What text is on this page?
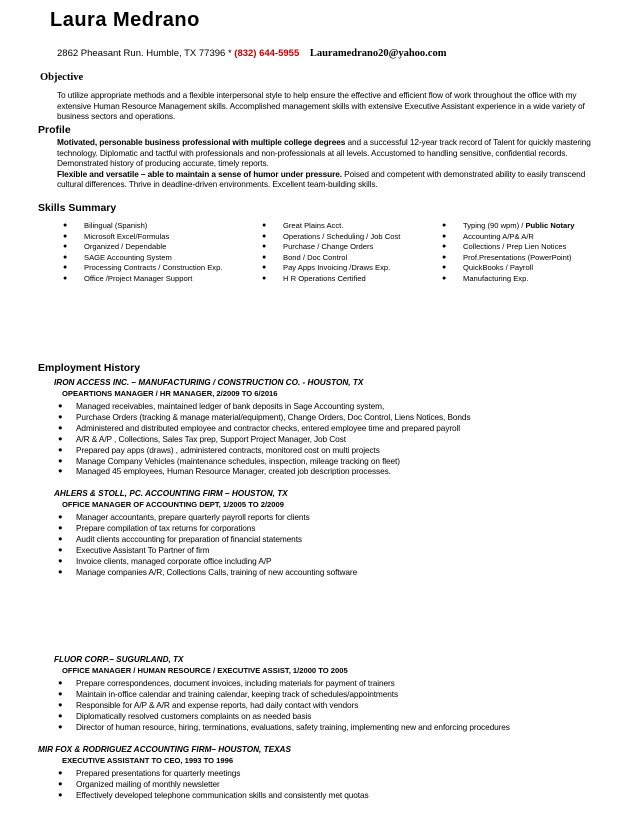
Laura Medrano
2862 Pheasant Run. Humble, TX 77396 * (832) 644-5955 Lauramedrano20@yahoo.com
Objective
To utilize appropriate methods and a flexible interpersonal style to help ensure the effective and efficient flow of work throughout the office with my extensive Human Resource Management skills. Accomplished management skills with extensive Executive Assistant experience in a wide variety of business sectors and operations.
Profile
Motivated, personable business professional with multiple college degrees and a successful 12-year track record of Talent for quickly mastering technology. Diplomatic and tactful with professionals and non-professionals at all levels. Accustomed to handling sensitive, confidential records. Demonstrated history of producing accurate, timely reports.
Flexible and versatile – able to maintain a sense of humor under pressure. Poised and competent with demonstrated ability to easily transcend cultural differences. Thrive in deadline-driven environments. Excellent team-building skills.
Skills Summary
● Bilingual (Spanish)
● Microsoft Excel/Formulas
● Organized / Dependable
● SAGE Accounting System
● Processing Contracts / Construction Exp.
● Office /Project Manager Support
● Great Plains Acct.
● Operations / Scheduling / Job Cost
● Purchase / Change Orders
● Bond / Doc Control
● Pay Apps Invoicing /Draws Exp.
● H R Operations Certified
● Typing (90 wpm) / Public Notary
● Accounting A/P& A/R
● Collections / Prep Lien Notices
● Prof.Presentations (PowerPoint)
● QuickBooks / Payroll
● Manufacturing Exp.
Employment History
IRON ACCESS INC. – MANUFACTURING / CONSTRUCTION CO. - HOUSTON, TX
OPEARTIONS MANAGER / HR MANAGER, 2/2009 TO 6/2016
● Managed receivables, maintained ledger of bank deposits in Sage Accounting system,
● Purchase Orders (tracking & manage material/equipment), Change Orders, Doc Control, Liens Notices, Bonds
● Administered and distributed employee and contractor checks, entered employee time and prepared payroll
● A/R & A/P , Collections, Sales Tax prep, Support Project Manager, Job Cost
● Prepared pay apps (draws) , administered contracts, monitored cost on multi projects
● Manage Company Vehicles (maintenance schedules, inspection, mileage tracking on fleet)
● Managed 45 employees, Human Resource Manager, created job description processes.
AHLERS & STOLL, PC. ACCOUNTING FIRM – HOUSTON, TX
OFFICE MANAGER OF ACCOUNTING DEPT, 1/2005 TO 2/2009
● Manager accountants, prepare quarterly payroll reports for clients
● Prepare compilation of tax returns for corporations
● Audit clients acccounting for preparation of financial statements
● Executive Assistant To Partner of firm
● Invoice clients, managed corporate office including A/P
● Manage companies A/R, Collections Calls, training of new accounting software
FLUOR CORP.– SUGURLAND, TX
OFFICE MANAGER / HUMAN RESOURCE / EXECUTIVE ASSIST, 1/2000 TO 2005
● Prepare correspondences, document invoices, including materials for payment of trainers
● Maintain in-office calendar and training calendar, keeping track of schedules/appointments
● Responsible for A/P & A/R and expense reports, had daily contact with vendors
● Diplomatically resolved customers complaints on as needed basis
● Director of human resource, hiring, terminations, evaluations, safety training, implementing new and enforcing procedures
MIR FOX & RODRIGUEZ ACCOUNTING FIRM– HOUSTON, TEXAS
EXECUTIVE ASSISTANT TO CEO, 1993 TO 1996
● Prepared presentations for quarterly meetings
● Organized mailing of monthly newsletter
● Effectively developed telephone communication skills and consistently met quotas
